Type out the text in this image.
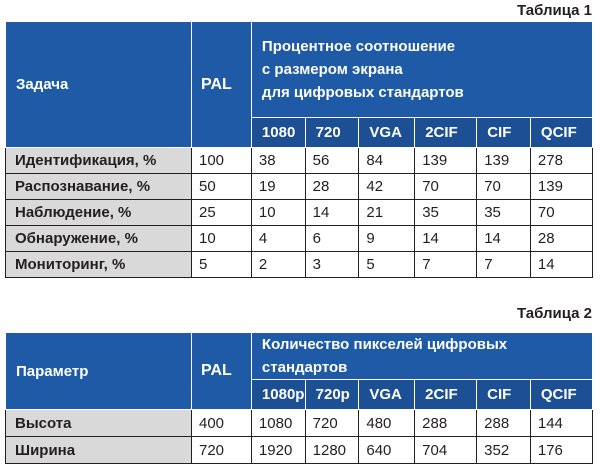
Таблица 1
Задача	PAL	Процентное соотношение
с размером экрана
для цифровых стандартов					

		1080	720	VGA	2CIF	CIF	QCIF
Идентификация, %	100	38	56	84	139	139	278
Распознавание, %	50	19	28	42	70	70	139
Наблюдение, %	25	10	14	21	35	35	70
Обнаружение, %	10	4	6	9	14	14	28
Мониторинг, %	5	2	3	5	7	7	14
Таблица 2
Параметр	PAL	Количество пикселей цифровых стандартов					
		1080p	720p	VGA	2CIF	CIF	QCIF
Высота	400	1080	720	480	288	288	144
Ширина	720	1920	1280	640	704	352	176
